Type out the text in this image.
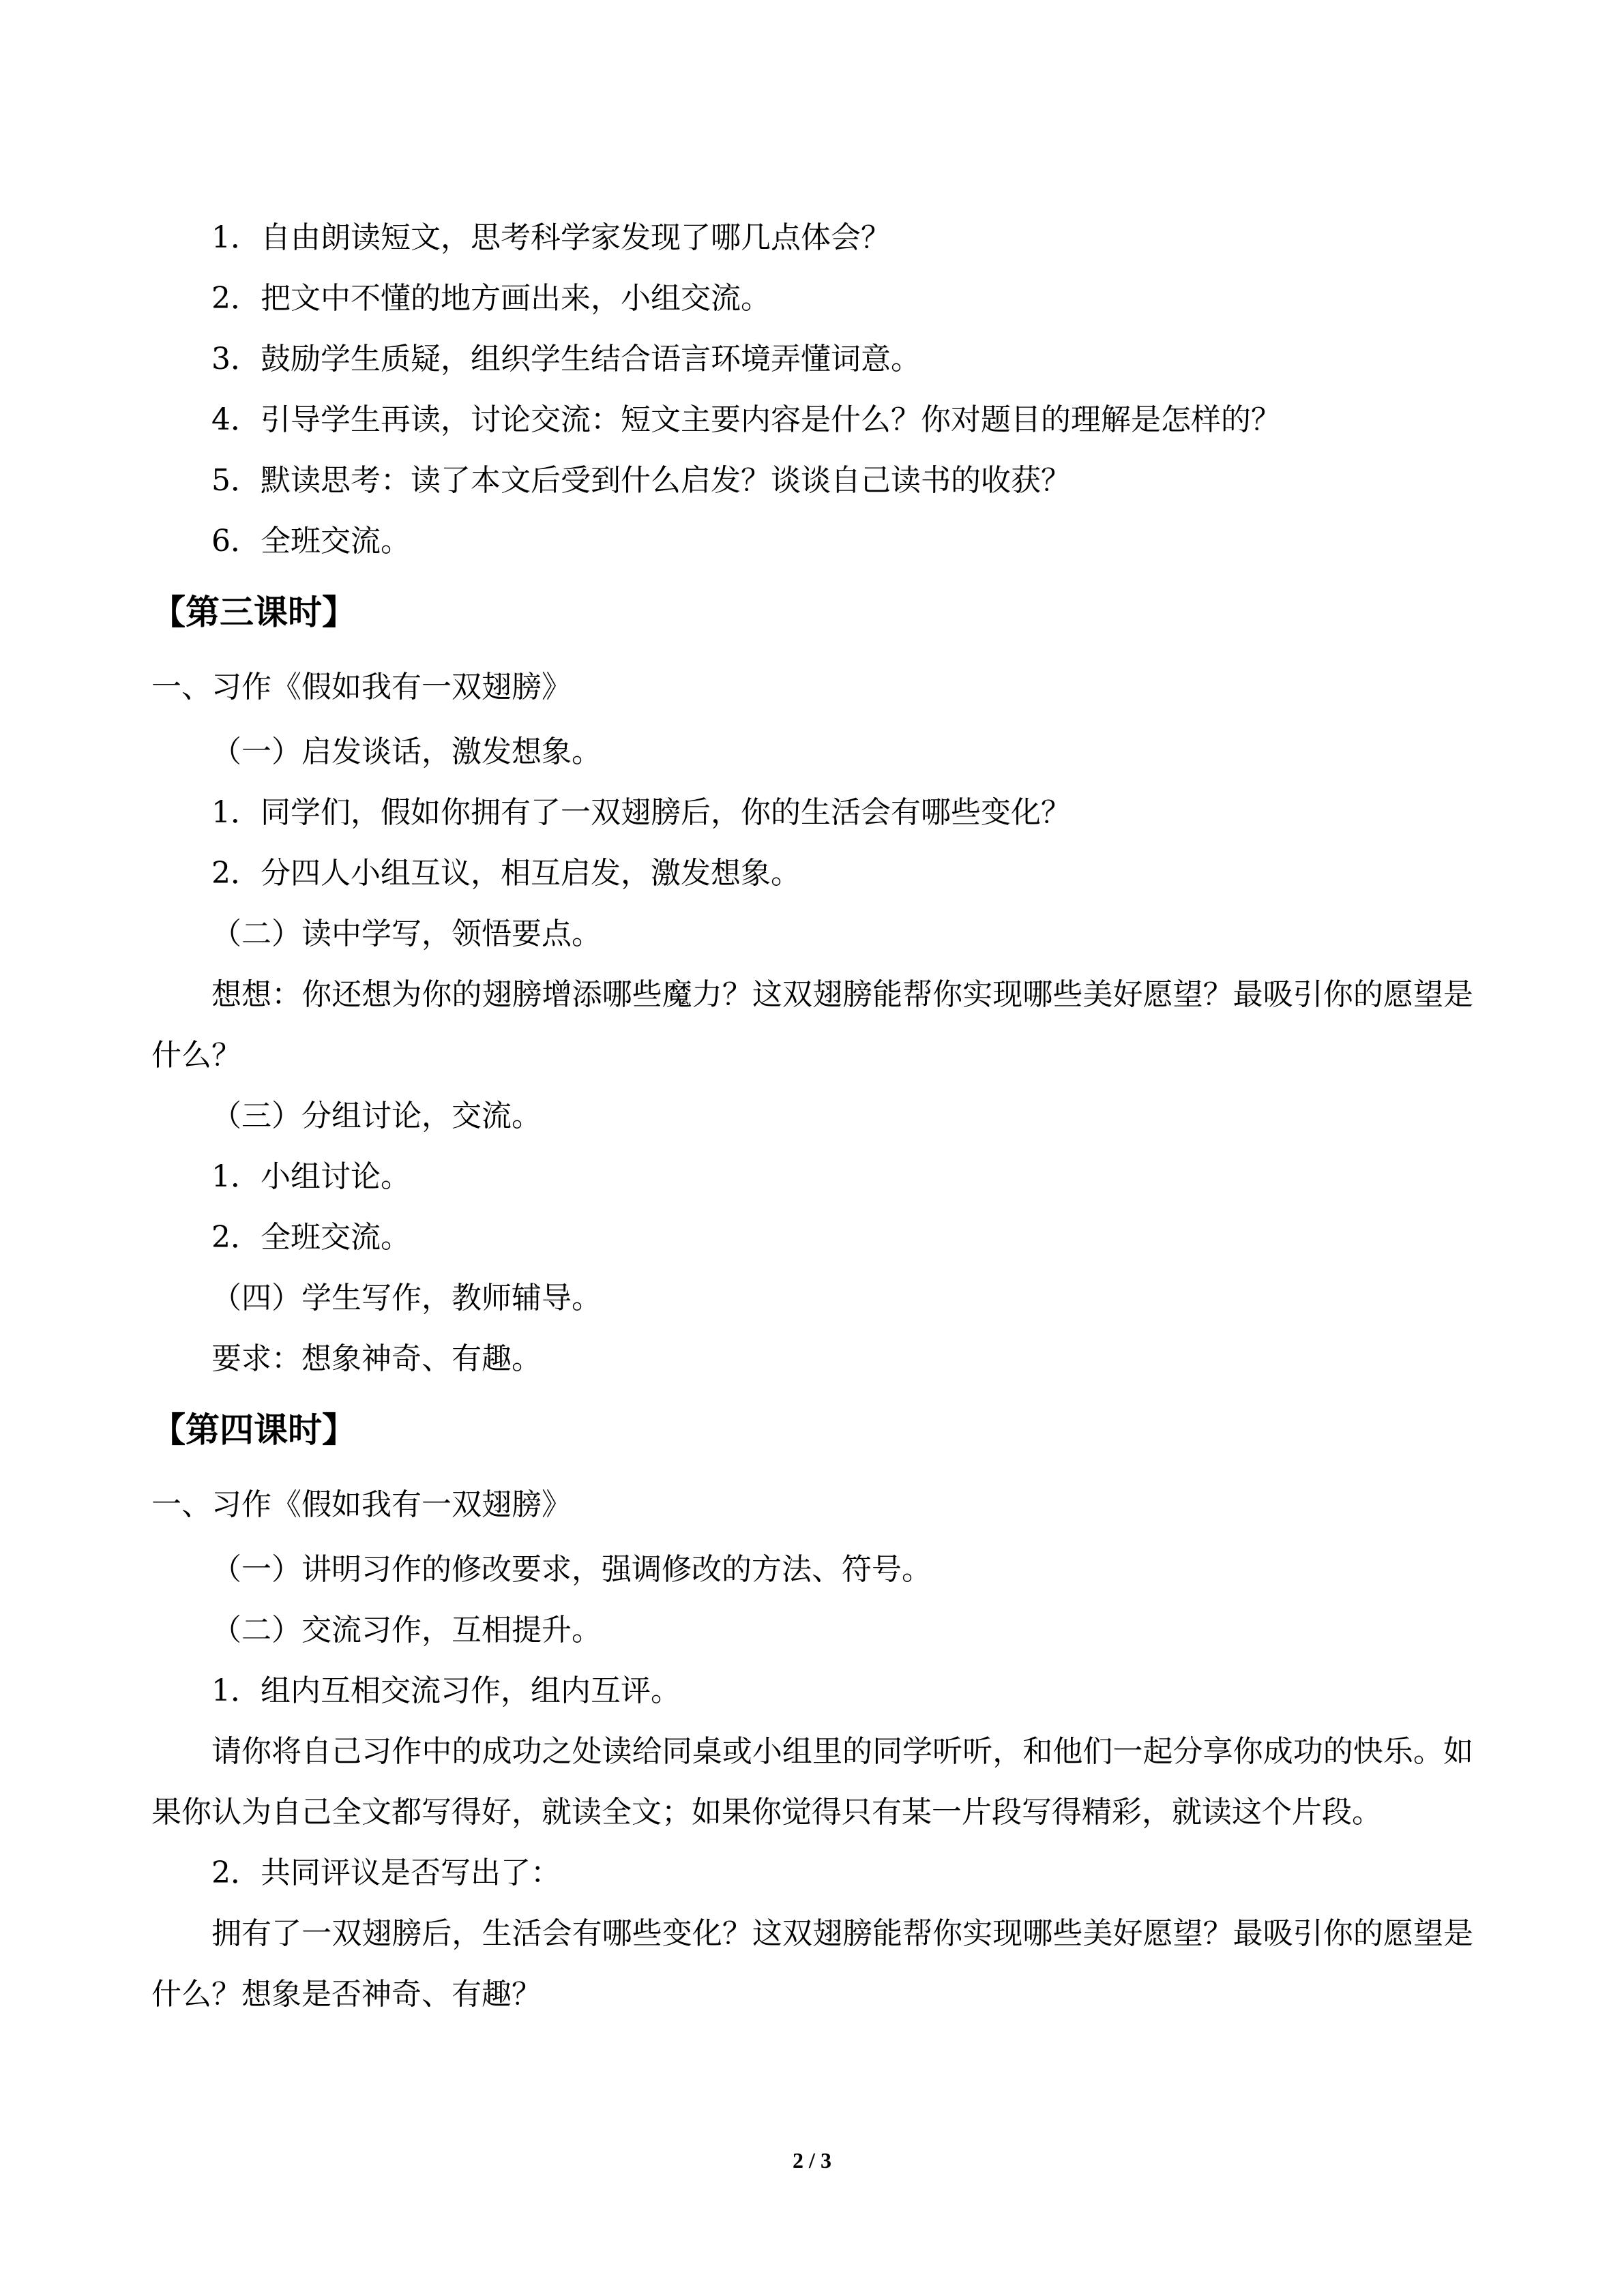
1．自由朗读短文，思考科学家发现了哪几点体会？

2．把文中不懂的地方画出来，小组交流。

3．鼓励学生质疑，组织学生结合语言环境弄懂词意。

4．引导学生再读，讨论交流：短文主要内容是什么？你对题目的理解是怎样的？

5．默读思考：读了本文后受到什么启发？谈谈自己读书的收获？

6．全班交流。

【第三课时】

一、习作《假如我有一双翅膀》

（一）启发谈话，激发想象。

1．同学们，假如你拥有了一双翅膀后，你的生活会有哪些变化？

2．分四人小组互议，相互启发，激发想象。

（二）读中学写，领悟要点。

想想：你还想为你的翅膀增添哪些魔力？这双翅膀能帮你实现哪些美好愿望？最吸引你的愿望是什么？

（三）分组讨论，交流。

1．小组讨论。

2．全班交流。

（四）学生写作，教师辅导。

要求：想象神奇、有趣。

【第四课时】

一、习作《假如我有一双翅膀》

（一）讲明习作的修改要求，强调修改的方法、符号。

（二）交流习作，互相提升。

1．组内互相交流习作，组内互评。

请你将自己习作中的成功之处读给同桌或小组里的同学听听，和他们一起分享你成功的快乐。如果你认为自己全文都写得好，就读全文；如果你觉得只有某一片段写得精彩，就读这个片段。

2．共同评议是否写出了：

拥有了一双翅膀后，生活会有哪些变化？这双翅膀能帮你实现哪些美好愿望？最吸引你的愿望是什么？想象是否神奇、有趣？

2 / 3
